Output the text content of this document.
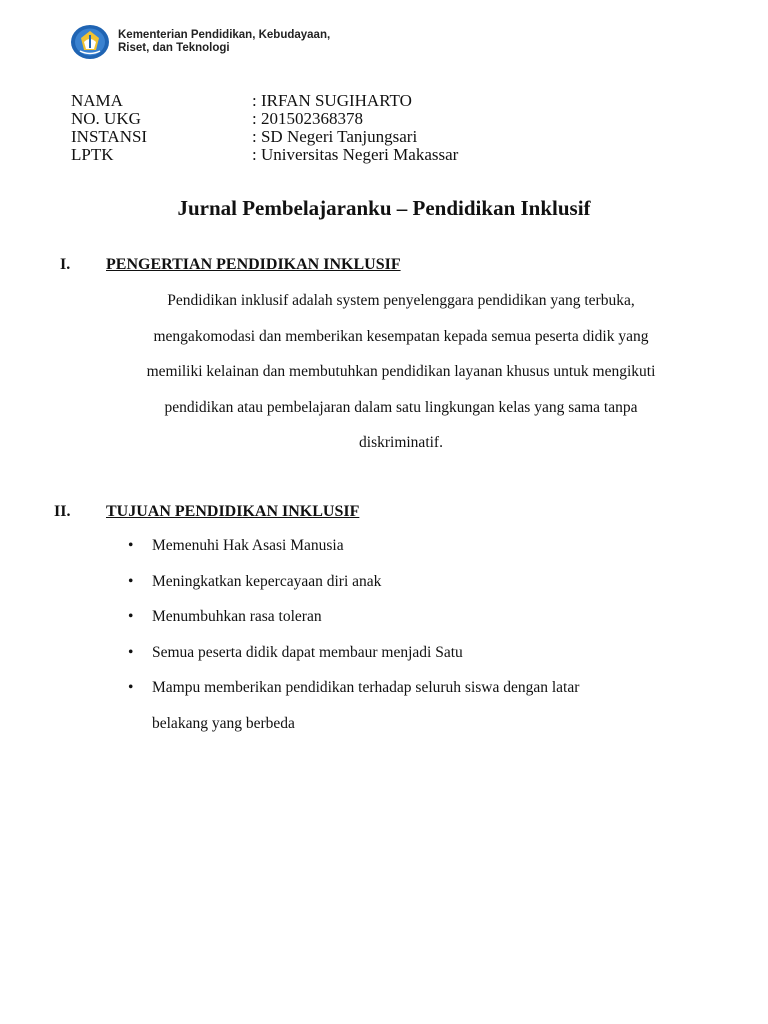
Kementerian Pendidikan, Kebudayaan,
Riset, dan Teknologi
NAMA	: IRFAN SUGIHARTO
NO. UKG	: 201502368378
INSTANSI	: SD Negeri Tanjungsari
LPTK	: Universitas Negeri Makassar
Jurnal Pembelajaranku – Pendidikan Inklusif
I. PENGERTIAN PENDIDIKAN INKLUSIF
Pendidikan inklusif adalah system penyelenggara pendidikan yang terbuka,
mengakomodasi dan memberikan kesempatan kepada semua peserta didik yang
memiliki kelainan dan membutuhkan pendidikan layanan khusus untuk mengikuti
pendidikan atau pembelajaran dalam satu lingkungan kelas yang sama tanpa
diskriminatif.
II. TUJUAN PENDIDIKAN INKLUSIF
• Memenuhi Hak Asasi Manusia
• Meningkatkan kepercayaan diri anak
• Menumbuhkan rasa toleran
• Semua peserta didik dapat membaur menjadi Satu
• Mampu memberikan pendidikan terhadap seluruh siswa dengan latar
belakang yang berbeda
